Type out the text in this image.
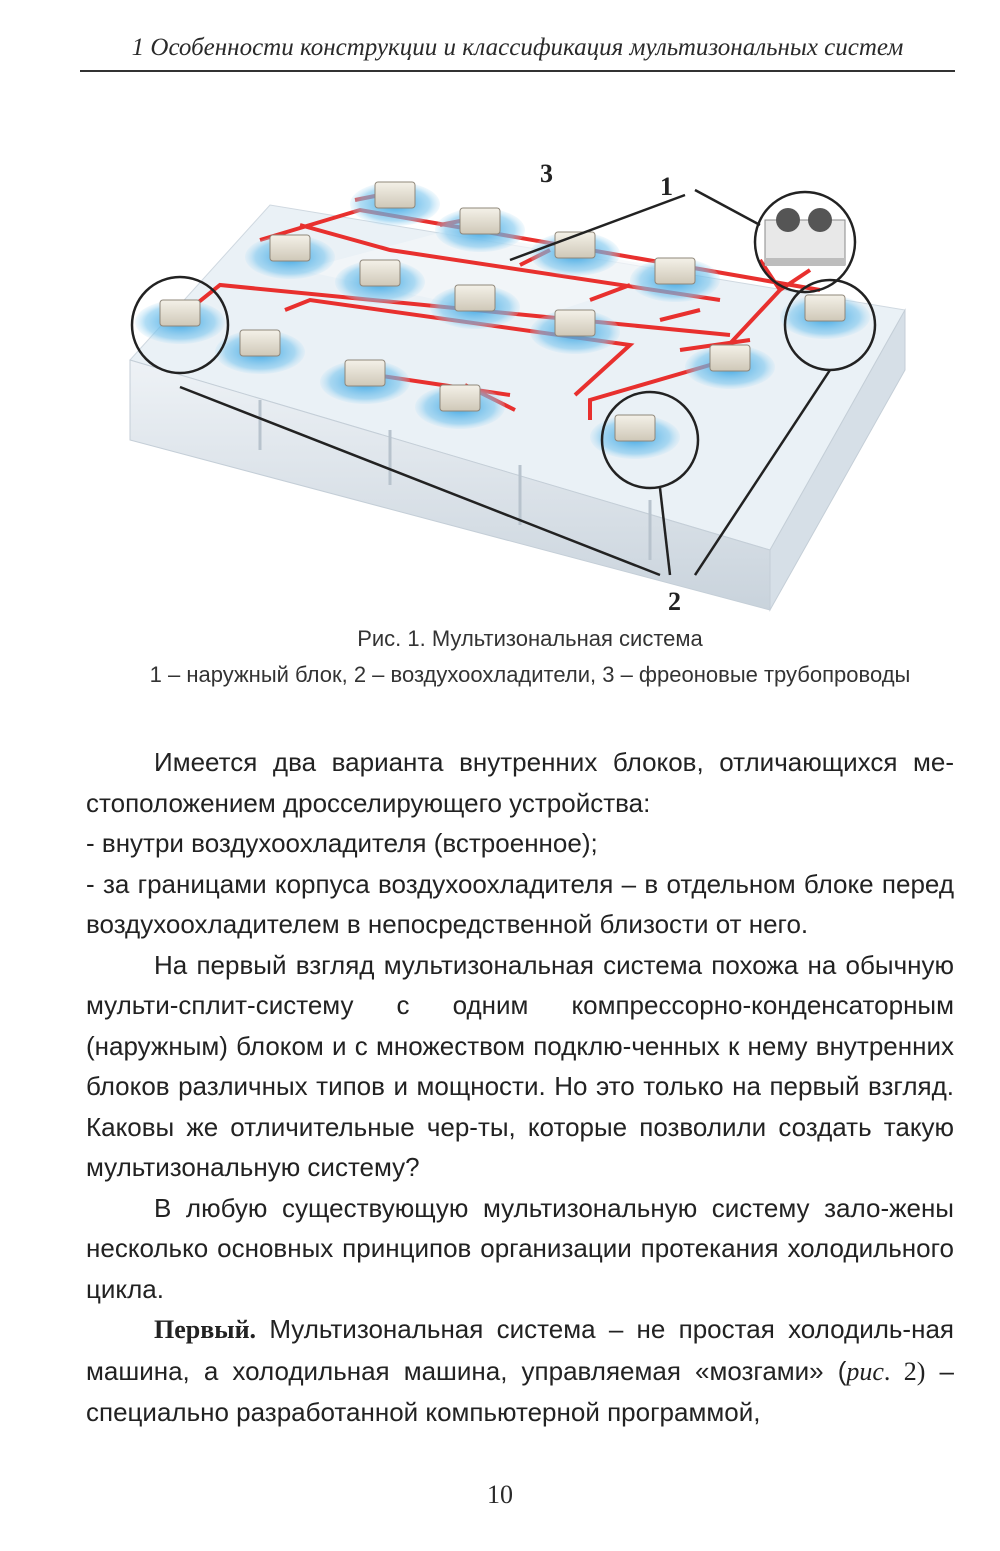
1 Особенности конструкции и классификация мультизональных систем
3	1
2
Рис. 1. Мультизональная система
1 – наружный блок, 2 – воздухоохладители, 3 – фреоновые трубопроводы

Имеется два варианта внутренних блоков, отличающихся ме-стоположением дросселирующего устройства:

- внутри воздухоохладителя (встроенное);

- за границами корпуса воздухоохладителя – в отдельном блоке перед воздухоохладителем в непосредственной близости от него.

На первый взгляд мультизональная система похожа на обычную мульти-сплит-систему с одним компрессорно-конденсаторным (наружным) блоком и с множеством подклю-ченных к нему внутренних блоков различных типов и мощности. Но это только на первый взгляд. Каковы же отличительные чер-ты, которые позволили создать такую мультизональную систему?

В любую существующую мультизональную систему зало-жены несколько основных принципов организации протекания холодильного цикла.

Первый. Мультизональная система – не простая холодиль-ная машина, а холодильная машина, управляемая «мозгами» (рис. 2) – специально разработанной компьютерной программой,

10
